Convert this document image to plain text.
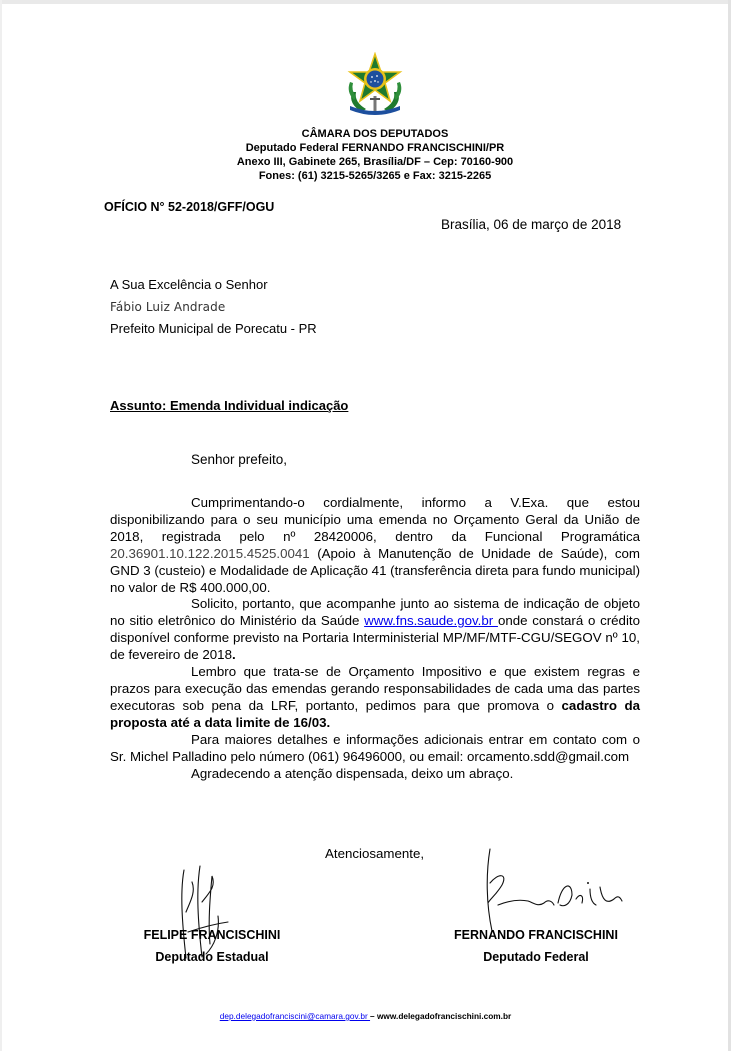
CÂMARA DOS DEPUTADOS
Deputado Federal FERNANDO FRANCISCHINI/PR
Anexo III, Gabinete 265, Brasília/DF – Cep: 70160-900
Fones: (61) 3215-5265/3265 e Fax: 3215-2265
OFÍCIO N° 52-2018/GFF/OGU
Brasília, 06 de março de 2018
A Sua Excelência o Senhor
Fábio Luiz Andrade
Prefeito Municipal de Porecatu - PR
Assunto: Emenda Individual indicação
Senhor prefeito,

Cumprimentando-o cordialmente, informo a V.Exa. que estou disponibilizando para o seu município uma emenda no Orçamento Geral da União de 2018, registrada pelo nº 28420006, dentro da Funcional Programática 20.36901.10.122.2015.4525.0041 (Apoio à Manutenção de Unidade de Saúde), com GND 3 (custeio) e Modalidade de Aplicação 41 (transferência direta para fundo municipal) no valor de R$ 400.000,00.

Solicito, portanto, que acompanhe junto ao sistema de indicação de objeto no sitio eletrônico do Ministério da Saúde www.fns.saude.gov.br onde constará o crédito disponível conforme previsto na Portaria Interministerial MP/MF/MTF-CGU/SEGOV nº 10, de fevereiro de 2018.

Lembro que trata-se de Orçamento Impositivo e que existem regras e prazos para execução das emendas gerando responsabilidades de cada uma das partes executoras sob pena da LRF, portanto, pedimos para que promova o cadastro da proposta até a data limite de 16/03.

Para maiores detalhes e informações adicionais entrar em contato com o Sr. Michel Palladino pelo número (061) 96496000, ou email: orcamento.sdd@gmail.com

Agradecendo a atenção dispensada, deixo um abraço.

Atenciosamente,
FELIPE FRANCISCHINI
Deputado Estadual
FERNANDO FRANCISCHINI
Deputado Federal
dep.delegadofranciscini@camara.gov.br – www.delegadofrancischini.com.br
